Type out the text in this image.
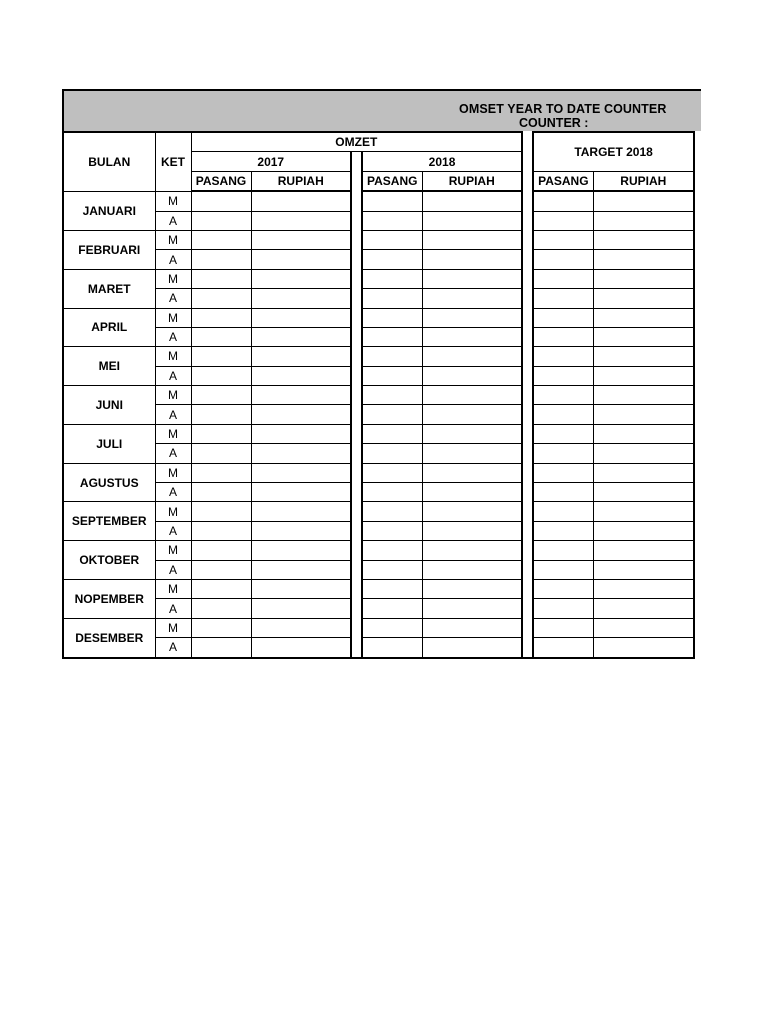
OMSET YEAR TO DATE COUNTER
COUNTER :
BULAN	KET	OMZET						TARGET 2018	
		2017			2018				
		PASANG	RUPIAH		PASANG	RUPIAH		PASANG	RUPIAH
JANUARI	M								
	A								
FEBRUARI	M								
	A								
MARET	M								
	A								
APRIL	M								
	A								
MEI	M								
	A								
JUNI	M								
	A								
JULI	M								
	A								
AGUSTUS	M								
	A								
SEPTEMBER	M								
	A								
OKTOBER	M								
	A								
NOPEMBER	M								
	A								
DESEMBER	M								
	A								
